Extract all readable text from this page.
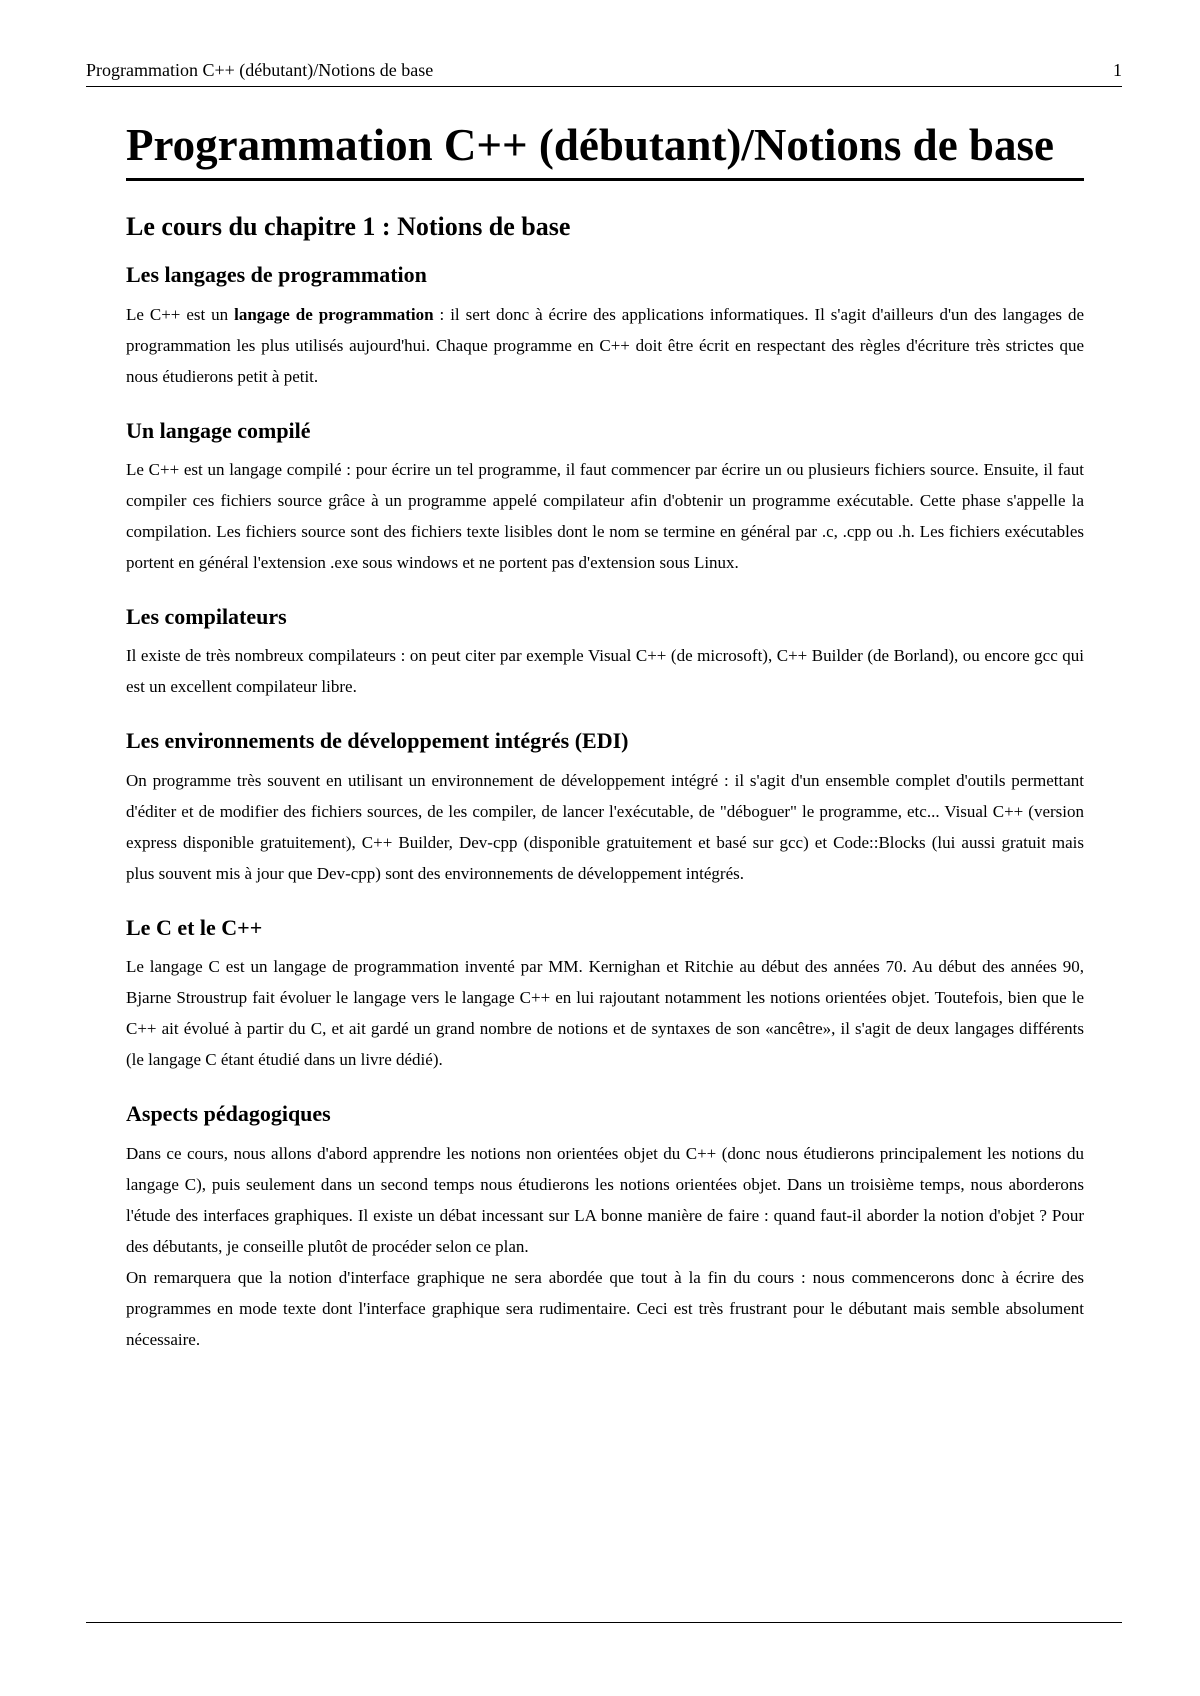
Programmation C++ (débutant)/Notions de base	1
Programmation C++ (débutant)/Notions de base
Le cours du chapitre 1 : Notions de base
Les langages de programmation

Le C++ est un langage de programmation : il sert donc à écrire des applications informatiques. Il s'agit d'ailleurs d'un des langages de programmation les plus utilisés aujourd'hui. Chaque programme en C++ doit être écrit en respectant des règles d'écriture très strictes que nous étudierons petit à petit.

Un langage compilé

Le C++ est un langage compilé : pour écrire un tel programme, il faut commencer par écrire un ou plusieurs fichiers source. Ensuite, il faut compiler ces fichiers source grâce à un programme appelé compilateur afin d'obtenir un programme exécutable. Cette phase s'appelle la compilation. Les fichiers source sont des fichiers texte lisibles dont le nom se termine en général par .c, .cpp ou .h. Les fichiers exécutables portent en général l'extension .exe sous windows et ne portent pas d'extension sous Linux.

Les compilateurs

Il existe de très nombreux compilateurs : on peut citer par exemple Visual C++ (de microsoft), C++ Builder (de Borland), ou encore gcc qui est un excellent compilateur libre.

Les environnements de développement intégrés (EDI)

On programme très souvent en utilisant un environnement de développement intégré : il s'agit d'un ensemble complet d'outils permettant d'éditer et de modifier des fichiers sources, de les compiler, de lancer l'exécutable, de "déboguer" le programme, etc... Visual C++ (version express disponible gratuitement), C++ Builder, Dev-cpp (disponible gratuitement et basé sur gcc) et Code::Blocks (lui aussi gratuit mais plus souvent mis à jour que Dev-cpp) sont des environnements de développement intégrés.

Le C et le C++

Le langage C est un langage de programmation inventé par MM. Kernighan et Ritchie au début des années 70. Au début des années 90, Bjarne Stroustrup fait évoluer le langage vers le langage C++ en lui rajoutant notamment les notions orientées objet. Toutefois, bien que le C++ ait évolué à partir du C, et ait gardé un grand nombre de notions et de syntaxes de son «ancêtre», il s'agit de deux langages différents (le langage C étant étudié dans un livre dédié).

Aspects pédagogiques

Dans ce cours, nous allons d'abord apprendre les notions non orientées objet du C++ (donc nous étudierons principalement les notions du langage C), puis seulement dans un second temps nous étudierons les notions orientées objet. Dans un troisième temps, nous aborderons l'étude des interfaces graphiques. Il existe un débat incessant sur LA bonne manière de faire : quand faut-il aborder la notion d'objet ? Pour des débutants, je conseille plutôt de procéder selon ce plan.

On remarquera que la notion d'interface graphique ne sera abordée que tout à la fin du cours : nous commencerons donc à écrire des programmes en mode texte dont l'interface graphique sera rudimentaire. Ceci est très frustrant pour le débutant mais semble absolument nécessaire.
